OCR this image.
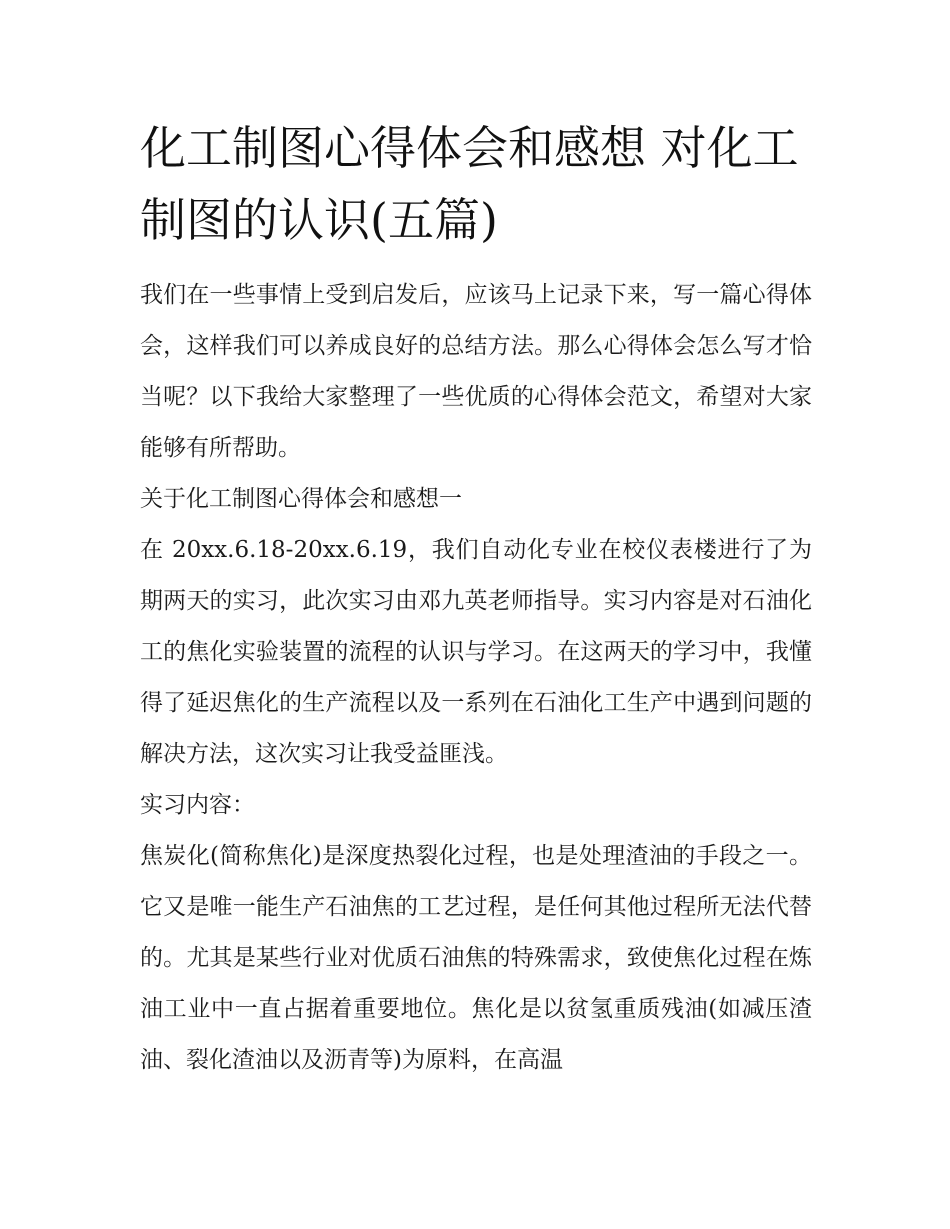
化工制图心得体会和感想 对化工制图的认识(五篇)

我们在一些事情上受到启发后，应该马上记录下来，写一篇心得体会，这样我们可以养成良好的总结方法。那么心得体会怎么写才恰当呢？以下我给大家整理了一些优质的心得体会范文，希望对大家能够有所帮助。

关于化工制图心得体会和感想一

在 20xx.6.18-20xx.6.19，我们自动化专业在校仪表楼进行了为期两天的实习，此次实习由邓九英老师指导。实习内容是对石油化工的焦化实验装置的流程的认识与学习。在这两天的学习中，我懂得了延迟焦化的生产流程以及一系列在石油化工生产中遇到问题的解决方法，这次实习让我受益匪浅。

实习内容：

焦炭化(简称焦化)是深度热裂化过程，也是处理渣油的手段之一。它又是唯一能生产石油焦的工艺过程，是任何其他过程所无法代替的。尤其是某些行业对优质石油焦的特殊需求，致使焦化过程在炼油工业中一直占据着重要地位。焦化是以贫氢重质残油(如减压渣油、裂化渣油以及沥青等)为原料，在高温
